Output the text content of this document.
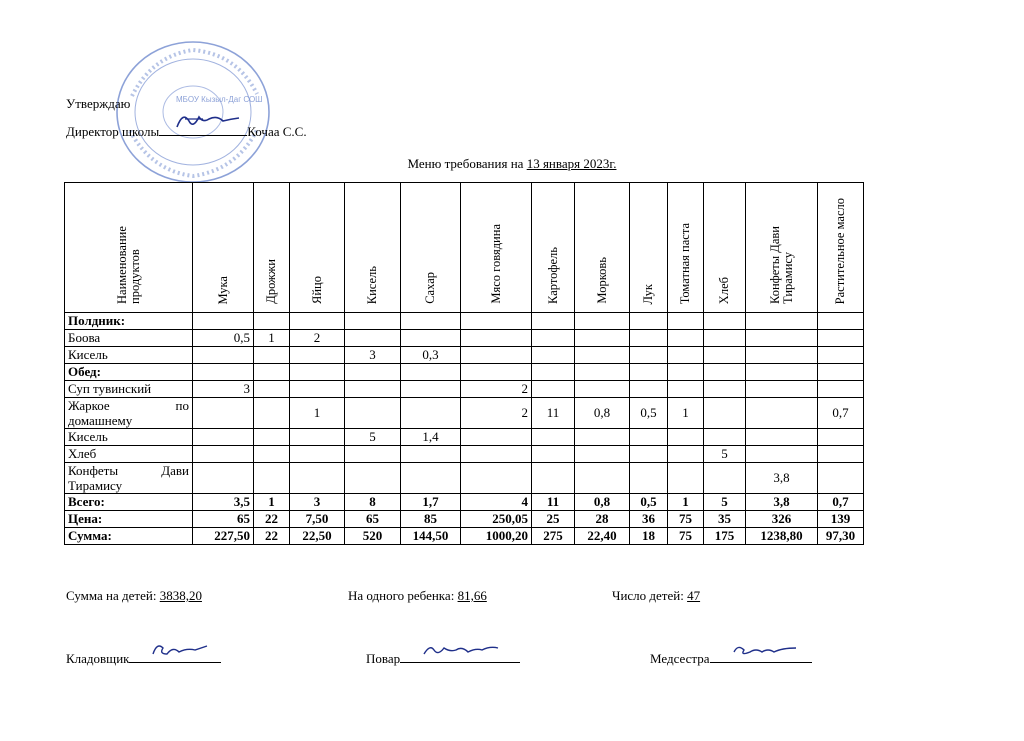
МБОУ Кызыл-Даг СОШ
Утверждаю
Директор школы	Кочаа С.С.
Меню требования на 13 января 2023г.
Наименование продуктов	Мука	Дрожжи	Яйцо	Кисель	Сахар	Мясо говядина	Картофель	Морковь	Лук	Томатная паста	Хлеб	Конфеты Дави Тирамису	Растительное масло
Полдник:													
Боова	0,5	1	2										
Кисель				3	0,3								
Обед:													
Суп тувинский	3					2							
Жаркое по домашнему			1			2	11	0,8	0,5	1			0,7
Кисель				5	1,4								
Хлеб											5		
Конфеты Дави Тирамису												3,8	
Всего:	3,5	1	3	8	1,7	4	11	0,8	0,5	1	5	3,8	0,7
Цена:	65	22	7,50	65	85	250,05	25	28	36	75	35	326	139
Сумма:	227,50	22	22,50	520	144,50	1000,20	275	22,40	18	75	175	1238,80	97,30
Сумма на детей: 3838,20	На одного ребенка: 81,66	Число детей: 47
Кладовщик	Повар	Медсестра
